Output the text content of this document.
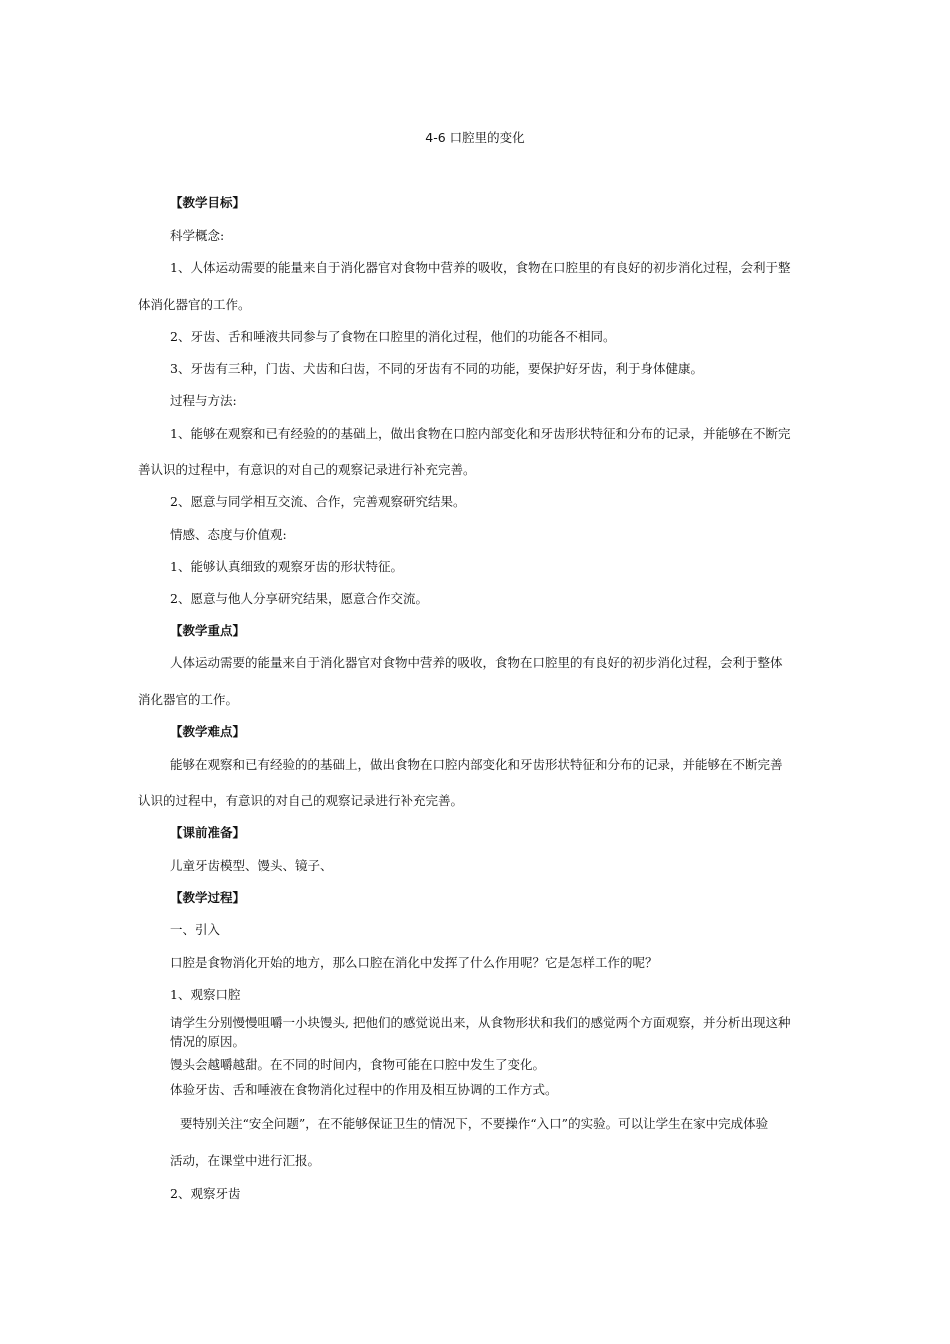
4-6 口腔里的变化
【教学目标】
科学概念:
1、人体运动需要的能量来自于消化器官对食物中营养的吸收，食物在口腔里的有良好的初步消化过程，会利于整
体消化器官的工作。
2、牙齿、舌和唾液共同参与了食物在口腔里的消化过程，他们的功能各不相同。
3、牙齿有三种，门齿、犬齿和臼齿，不同的牙齿有不同的功能，要保护好牙齿，利于身体健康。
过程与方法:
1、能够在观察和已有经验的的基础上，做出食物在口腔内部变化和牙齿形状特征和分布的记录，并能够在不断完
善认识的过程中，有意识的对自己的观察记录进行补充完善。
2、愿意与同学相互交流、合作，完善观察研究结果。
情感、态度与价值观:
1、能够认真细致的观察牙齿的形状特征。
2、愿意与他人分享研究结果，愿意合作交流。
【教学重点】
人体运动需要的能量来自于消化器官对食物中营养的吸收，食物在口腔里的有良好的初步消化过程，会利于整体
消化器官的工作。
【教学难点】
能够在观察和已有经验的的基础上，做出食物在口腔内部变化和牙齿形状特征和分布的记录，并能够在不断完善
认识的过程中，有意识的对自己的观察记录进行补充完善。
【课前准备】
儿童牙齿模型、馒头、镜子、
【教学过程】
一、引入
口腔是食物消化开始的地方，那么口腔在消化中发挥了什么作用呢？它是怎样工作的呢？
1、观察口腔
请学生分别慢慢咀嚼一小块馒头, 把他们的感觉说出来，从食物形状和我们的感觉两个方面观察，并分析出现这种
情况的原因。
馒头会越嚼越甜。在不同的时间内，食物可能在口腔中发生了变化。
体验牙齿、舌和唾液在食物消化过程中的作用及相互协调的工作方式。
要特别关注“安全问题”，在不能够保证卫生的情况下，不要操作“入口”的实验。可以让学生在家中完成体验
活动，在课堂中进行汇报。
2、观察牙齿
